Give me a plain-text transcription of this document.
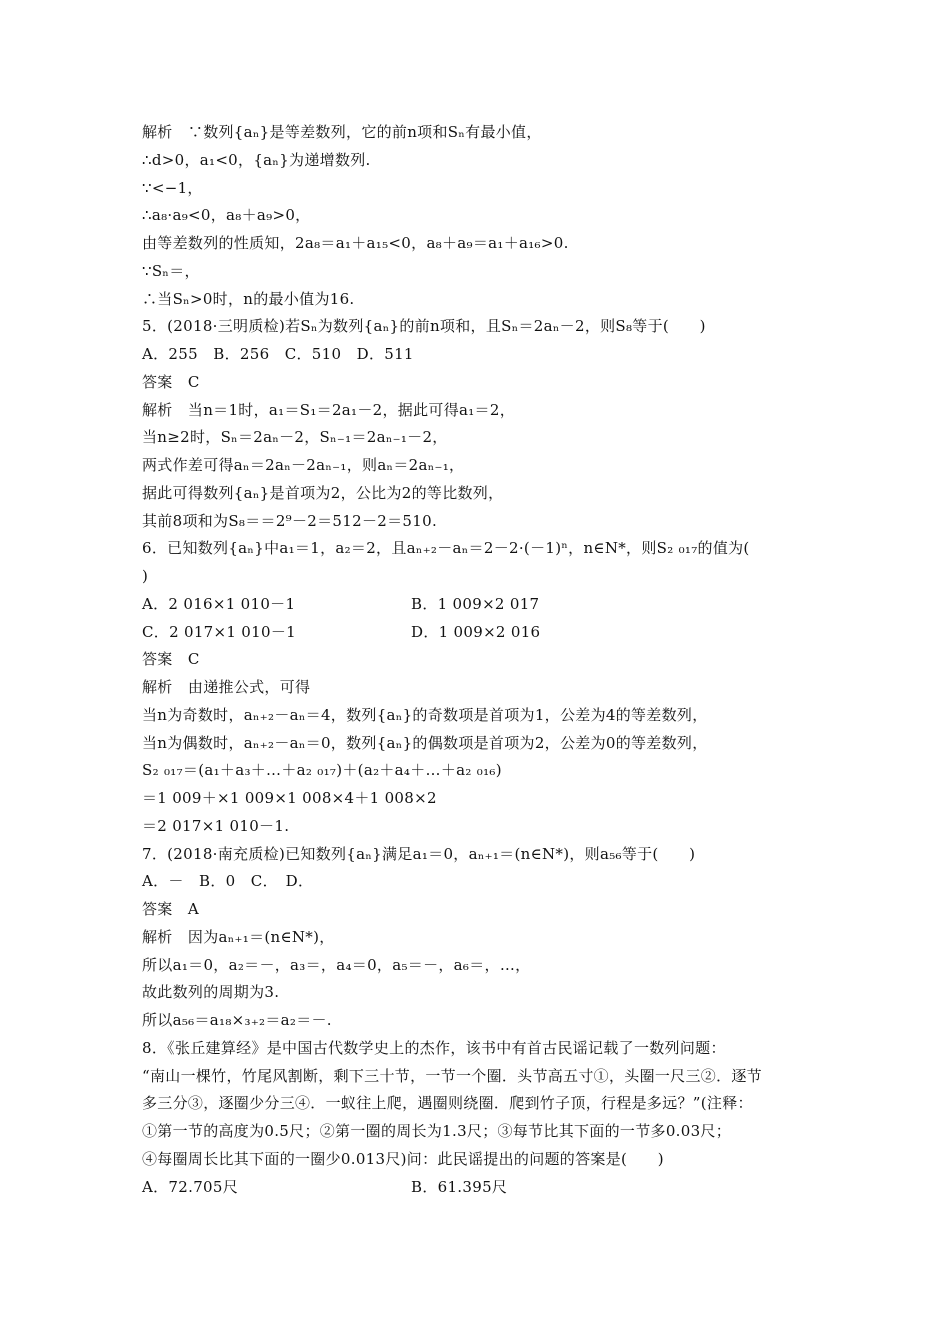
解析　∵数列{aₙ}是等差数列，它的前n项和Sₙ有最小值，
∴d>0，a₁<0，{aₙ}为递增数列.
∵<−1，
∴a₈·a₉<0，a₈＋a₉>0，
由等差数列的性质知，2a₈＝a₁＋a₁₅<0，a₈＋a₉＝a₁＋a₁₆>0.
∵Sₙ＝，
∴当Sₙ>0时，n的最小值为16.
5．(2018·三明质检)若Sₙ为数列{aₙ}的前n项和，且Sₙ＝2aₙ－2，则S₈等于(　　)
A．255　B．256　C．510　D．511
答案　C
解析　当n＝1时，a₁＝S₁＝2a₁－2，据此可得a₁＝2，
当n≥2时，Sₙ＝2aₙ－2，Sₙ₋₁＝2aₙ₋₁－2，
两式作差可得aₙ＝2aₙ－2aₙ₋₁，则aₙ＝2aₙ₋₁，
据此可得数列{aₙ}是首项为2，公比为2的等比数列，
其前8项和为S₈＝＝2⁹－2＝512－2＝510.
6．已知数列{aₙ}中a₁＝1，a₂＝2，且aₙ₊₂－aₙ＝2－2·(－1)ⁿ，n∈N*，则S₂ ₀₁₇的值为(
)
A．2 016×1 010－1	B．1 009×2 017
C．2 017×1 010－1	D．1 009×2 016
答案　C
解析　由递推公式，可得
当n为奇数时，aₙ₊₂－aₙ＝4，数列{aₙ}的奇数项是首项为1，公差为4的等差数列，
当n为偶数时，aₙ₊₂－aₙ＝0，数列{aₙ}的偶数项是首项为2，公差为0的等差数列，
S₂ ₀₁₇＝(a₁＋a₃＋…＋a₂ ₀₁₇)＋(a₂＋a₄＋…＋a₂ ₀₁₆)
＝1 009＋×1 009×1 008×4＋1 008×2
＝2 017×1 010－1.
7．(2018·南充质检)已知数列{aₙ}满足a₁＝0，aₙ₊₁＝(n∈N*)，则a₅₆等于(　　)
A．－　B．0　C．　D．
答案　A
解析　因为aₙ₊₁＝(n∈N*)，
所以a₁＝0，a₂＝－，a₃＝，a₄＝0，a₅＝－，a₆＝，…，
故此数列的周期为3.
所以a₅₆＝a₁₈×₃₊₂＝a₂＝－.
8．《张丘建算经》是中国古代数学史上的杰作，该书中有首古民谣记载了一数列问题：
“南山一棵竹，竹尾风割断，剩下三十节，一节一个圈．头节高五寸①，头圈一尺三②．逐节
多三分③，逐圈少分三④．一蚁往上爬，遇圈则绕圈．爬到竹子顶，行程是多远？”(注释：
①第一节的高度为0.5尺；②第一圈的周长为1.3尺；③每节比其下面的一节多0.03尺；
④每圈周长比其下面的一圈少0.013尺)问：此民谣提出的问题的答案是(　　)
A．72.705尺	B．61.395尺
